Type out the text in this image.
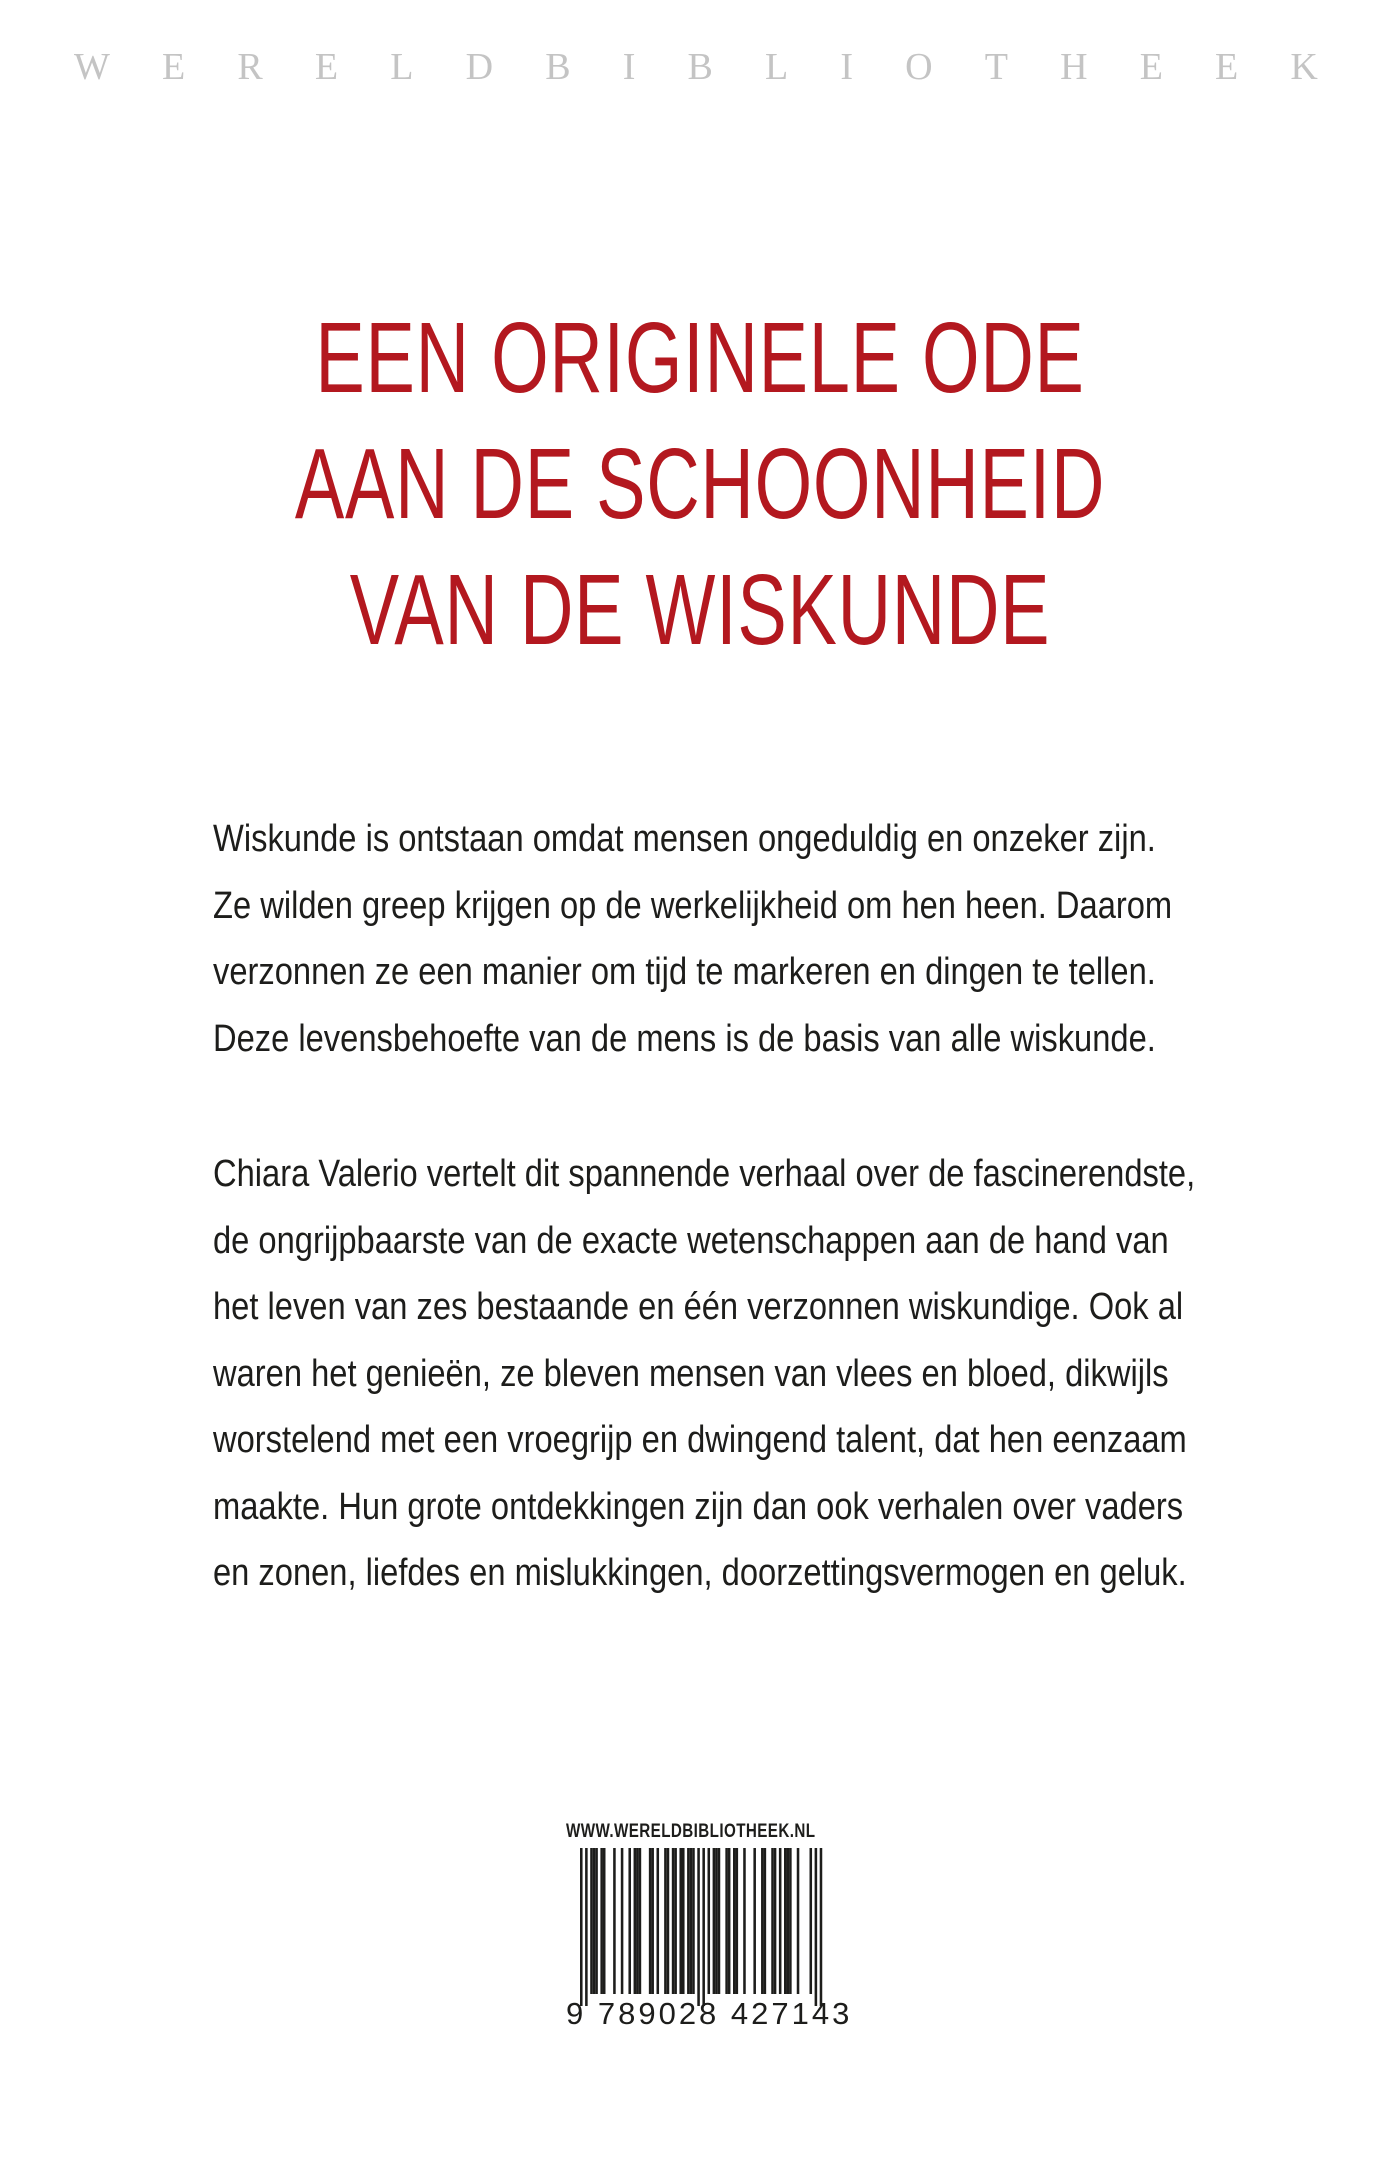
W E R E L D B I B L I O T H E E K
EEN ORIGINELE ODE
AAN DE SCHOONHEID
VAN DE WISKUNDE

Wiskunde is ontstaan omdat mensen ongeduldig en onzeker zijn.
Ze wilden greep krijgen op de werkelijkheid om hen heen. Daarom
verzonnen ze een manier om tijd te markeren en dingen te tellen.
Deze levensbehoefte van de mens is de basis van alle wiskunde.

Chiara Valerio vertelt dit spannende verhaal over de fascinerendste,
de ongrijpbaarste van de exacte wetenschappen aan de hand van
het leven van zes bestaande en één verzonnen wiskundige. Ook al
waren het genieën, ze bleven mensen van vlees en bloed, dikwijls
worstelend met een vroegrijp en dwingend talent, dat hen eenzaam
maakte. Hun grote ontdekkingen zijn dan ook verhalen over vaders
en zonen, liefdes en mislukkingen, doorzettingsvermogen en geluk.

WWW.WERELDBIBLIOTHEEK.NL
9 789028 427143
